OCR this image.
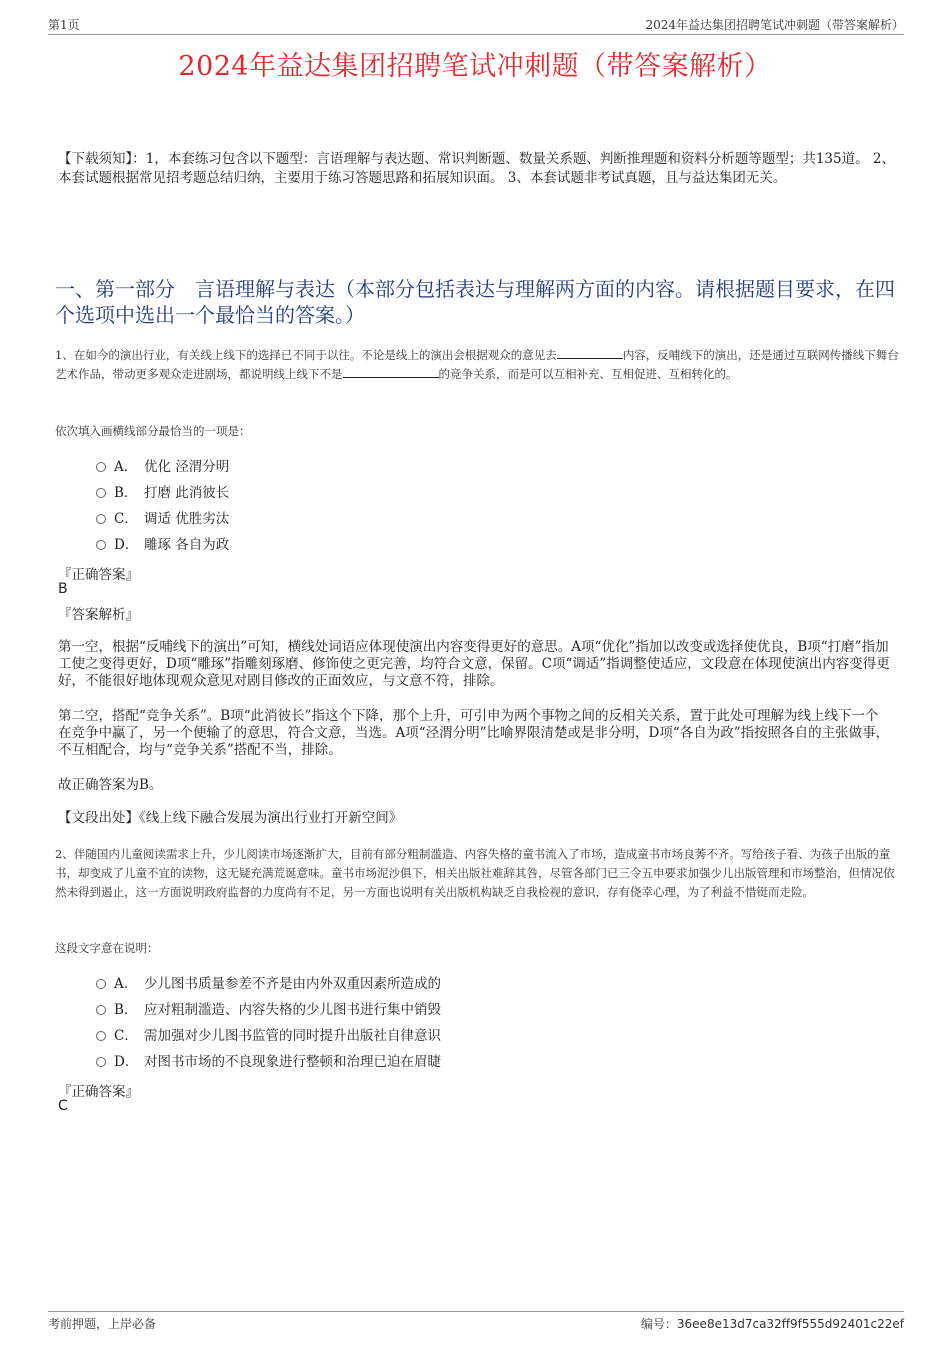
第1页	2024年益达集团招聘笔试冲刺题（带答案解析）
2024年益达集团招聘笔试冲刺题（带答案解析）
【下载须知】：1，本套练习包含以下题型：言语理解与表达题、常识判断题、数量关系题、判断推理题和资料分析题等题型；共135道。 2、本套试题根据常见招考题总结归纳，主要用于练习答题思路和拓展知识面。 3、本套试题非考试真题，且与益达集团无关。
一、第一部分　言语理解与表达（本部分包括表达与理解两方面的内容。请根据题目要求，在四个选项中选出一个最恰当的答案。）
1、在如今的演出行业，有关线上线下的选择已不同于以往。不论是线上的演出会根据观众的意见去	内容，反哺线下的演出，还是通过互联网传播线下舞台艺术作品，带动更多观众走进剧场，都说明线上线下不是	的竞争关系，而是可以互相补充、互相促进、互相转化的。
依次填入画横线部分最恰当的一项是：
A． 优化 泾渭分明
B． 打磨 此消彼长
C． 调适 优胜劣汰
D． 雕琢 各自为政
『正确答案』
B
『答案解析』
第一空，根据“反哺线下的演出”可知，横线处词语应体现使演出内容变得更好的意思。A项“优化”指加以改变或选择使优良，B项“打磨”指加工使之变得更好，D项“雕琢”指雕刻琢磨、修饰使之更完善，均符合文意，保留。C项“调适”指调整使适应，文段意在体现使演出内容变得更好，不能很好地体现观众意见对剧目修改的正面效应，与文意不符，排除。
第二空，搭配“竞争关系”。B项“此消彼长”指这个下降，那个上升，可引申为两个事物之间的反相关关系，置于此处可理解为线上线下一个在竞争中赢了，另一个便输了的意思，符合文意，当选。A项“泾渭分明”比喻界限清楚或是非分明，D项“各自为政”指按照各自的主张做事，不互相配合，均与“竞争关系”搭配不当，排除。
故正确答案为B。
【文段出处】《线上线下融合发展为演出行业打开新空间》
2、伴随国内儿童阅读需求上升，少儿阅读市场逐渐扩大，目前有部分粗制滥造、内容失格的童书流入了市场，造成童书市场良莠不齐。写给孩子看、为孩子出版的童书，却变成了儿童不宜的读物，这无疑充满荒诞意味。童书市场泥沙俱下，相关出版社难辞其咎，尽管各部门已三令五申要求加强少儿出版管理和市场整治，但情况依然未得到遏止，这一方面说明政府监督的力度尚有不足，另一方面也说明有关出版机构缺乏自我检视的意识，存有侥幸心理，为了利益不惜铤而走险。
这段文字意在说明：
A． 少儿图书质量参差不齐是由内外双重因素所造成的
B． 应对粗制滥造、内容失格的少儿图书进行集中销毁
C． 需加强对少儿图书监管的同时提升出版社自律意识
D． 对图书市场的不良现象进行整顿和治理已迫在眉睫
『正确答案』
C
考前押题，上岸必备	编号：36ee8e13d7ca32ff9f555d92401c22ef
